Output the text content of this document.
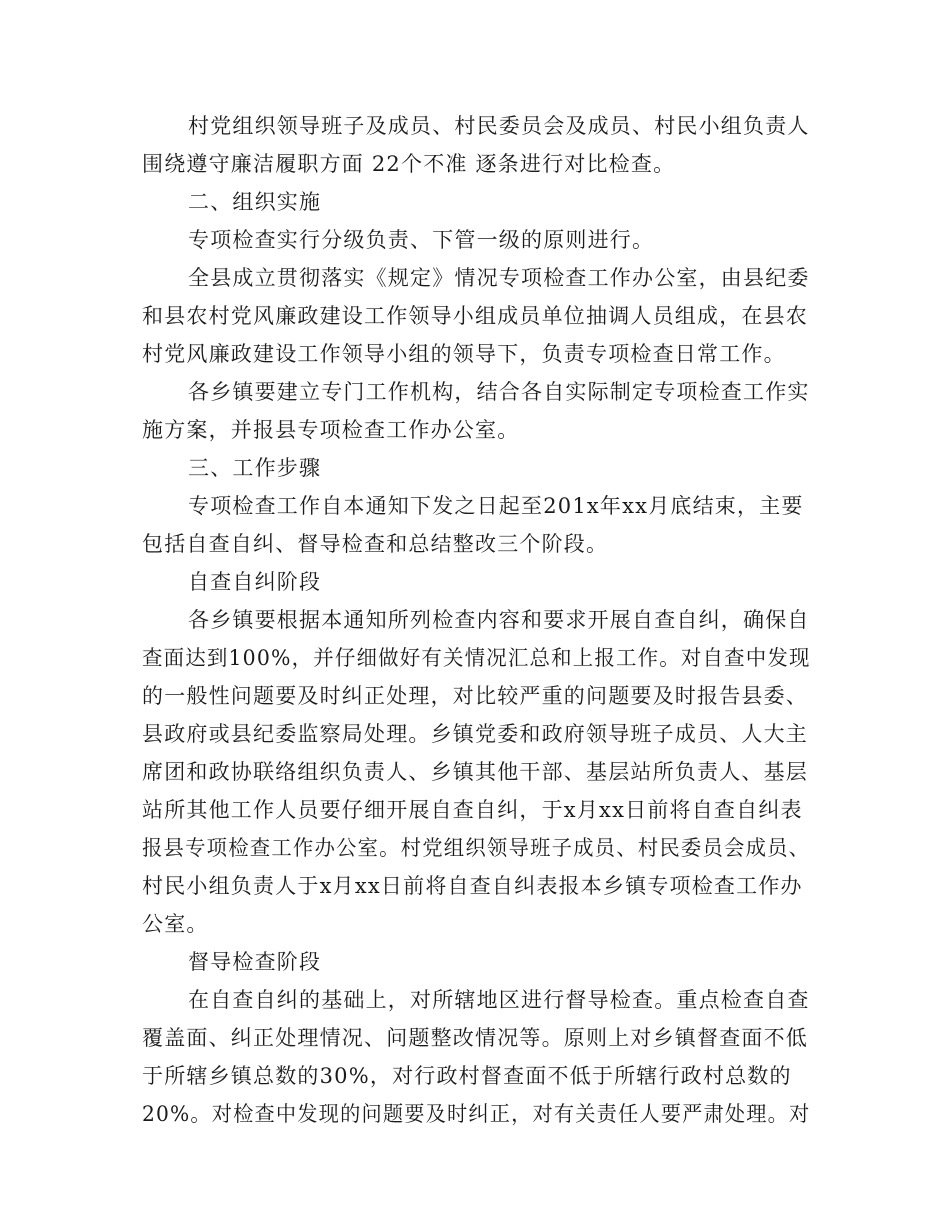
村党组织领导班子及成员、村民委员会及成员、村民小组负责人
围绕遵守廉洁履职方面 22个不准 逐条进行对比检查。
二、组织实施
专项检查实行分级负责、下管一级的原则进行。
全县成立贯彻落实《规定》情况专项检查工作办公室，由县纪委
和县农村党风廉政建设工作领导小组成员单位抽调人员组成，在县农
村党风廉政建设工作领导小组的领导下，负责专项检查日常工作。
各乡镇要建立专门工作机构，结合各自实际制定专项检查工作实
施方案，并报县专项检查工作办公室。
三、工作步骤
专项检查工作自本通知下发之日起至201x年xx月底结束，主要
包括自查自纠、督导检查和总结整改三个阶段。
自查自纠阶段
各乡镇要根据本通知所列检查内容和要求开展自查自纠，确保自
查面达到100%，并仔细做好有关情况汇总和上报工作。对自查中发现
的一般性问题要及时纠正处理，对比较严重的问题要及时报告县委、
县政府或县纪委监察局处理。乡镇党委和政府领导班子成员、人大主
席团和政协联络组织负责人、乡镇其他干部、基层站所负责人、基层
站所其他工作人员要仔细开展自查自纠，于x月xx日前将自查自纠表
报县专项检查工作办公室。村党组织领导班子成员、村民委员会成员、
村民小组负责人于x月xx日前将自查自纠表报本乡镇专项检查工作办
公室。
督导检查阶段
在自查自纠的基础上，对所辖地区进行督导检查。重点检查自查
覆盖面、纠正处理情况、问题整改情况等。原则上对乡镇督查面不低
于所辖乡镇总数的30%，对行政村督查面不低于所辖行政村总数的
20%。对检查中发现的问题要及时纠正，对有关责任人要严肃处理。对
